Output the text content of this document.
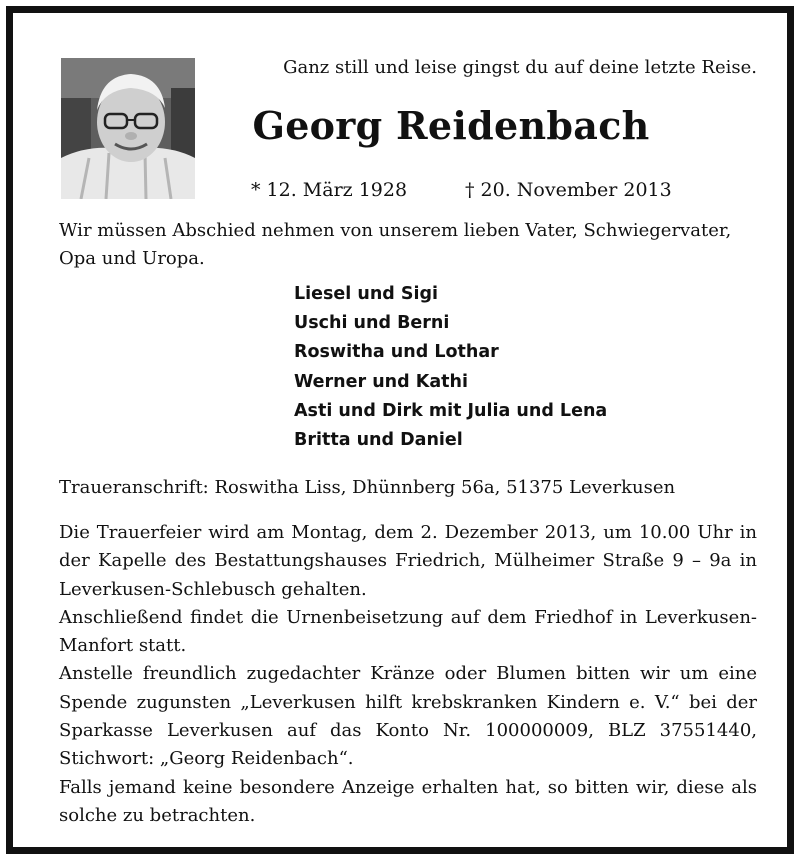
Ganz still und leise gingst du auf deine letzte Reise.
Georg Reidenbach
* 12. März 1928	† 20. November 2013
Wir müssen Abschied nehmen von unserem lieben Vater, Schwiegervater, Opa und Uropa.
Liesel und Sigi
Uschi und Berni
Roswitha und Lothar
Werner und Kathi
Asti und Dirk mit Julia und Lena
Britta und Daniel
Traueranschrift: Roswitha Liss, Dhünnberg 56a, 51375 Leverkusen

Die Trauerfeier wird am Montag, dem 2. Dezember 2013, um 10.00 Uhr in der Kapelle des Bestattungshauses Friedrich, Mülheimer Straße 9 – 9a in Leverkusen-Schlebusch gehalten.

Anschließend findet die Urnenbeisetzung auf dem Friedhof in Leverkusen-Manfort statt.

Anstelle freundlich zugedachter Kränze oder Blumen bitten wir um eine Spende zugunsten „Leverkusen hilft krebskranken Kindern e. V.“ bei der Sparkasse Leverkusen auf das Konto Nr. 100000009, BLZ 37551440, Stichwort: „Georg Reidenbach“.

Falls jemand keine besondere Anzeige erhalten hat, so bitten wir, diese als solche zu betrachten.
